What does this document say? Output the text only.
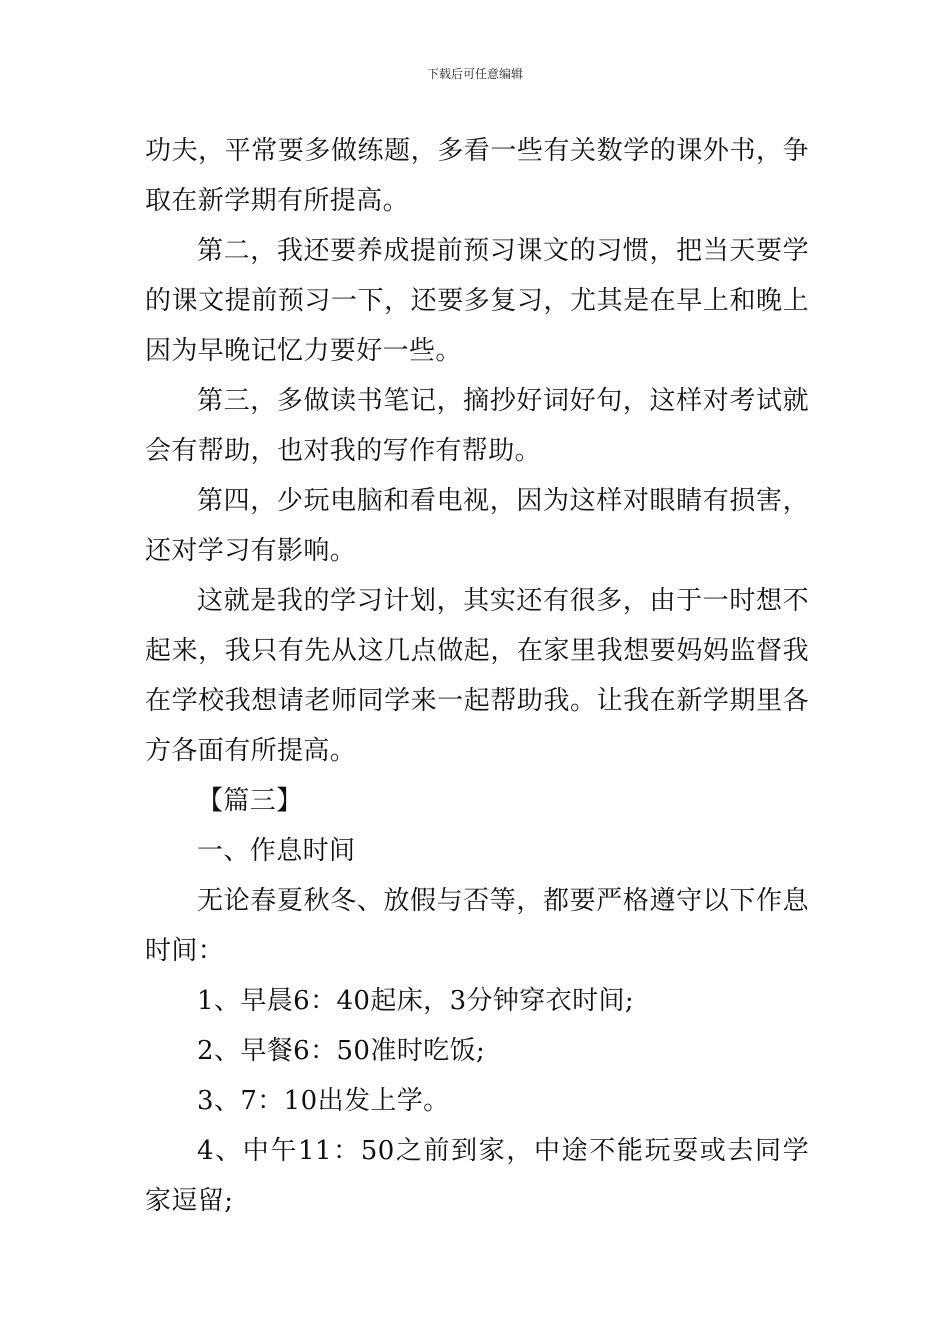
下载后可任意编辑

功夫，平常要多做练题，多看一些有关数学的课外书，争取在新学期有所提高。

第二，我还要养成提前预习课文的习惯，把当天要学的课文提前预习一下，还要多复习，尤其是在早上和晚上因为早晚记忆力要好一些。

第三，多做读书笔记，摘抄好词好句，这样对考试就会有帮助，也对我的写作有帮助。

第四，少玩电脑和看电视，因为这样对眼睛有损害，还对学习有影响。

这就是我的学习计划，其实还有很多，由于一时想不起来，我只有先从这几点做起，在家里我想要妈妈监督我在学校我想请老师同学来一起帮助我。让我在新学期里各方各面有所提高。

【篇三】

一、作息时间

无论春夏秋冬、放假与否等，都要严格遵守以下作息时间：

1、早晨6：40起床，3分钟穿衣时间;

2、早餐6：50准时吃饭;

3、7：10出发上学。

4、中午11：50之前到家，中途不能玩耍或去同学家逗留;
